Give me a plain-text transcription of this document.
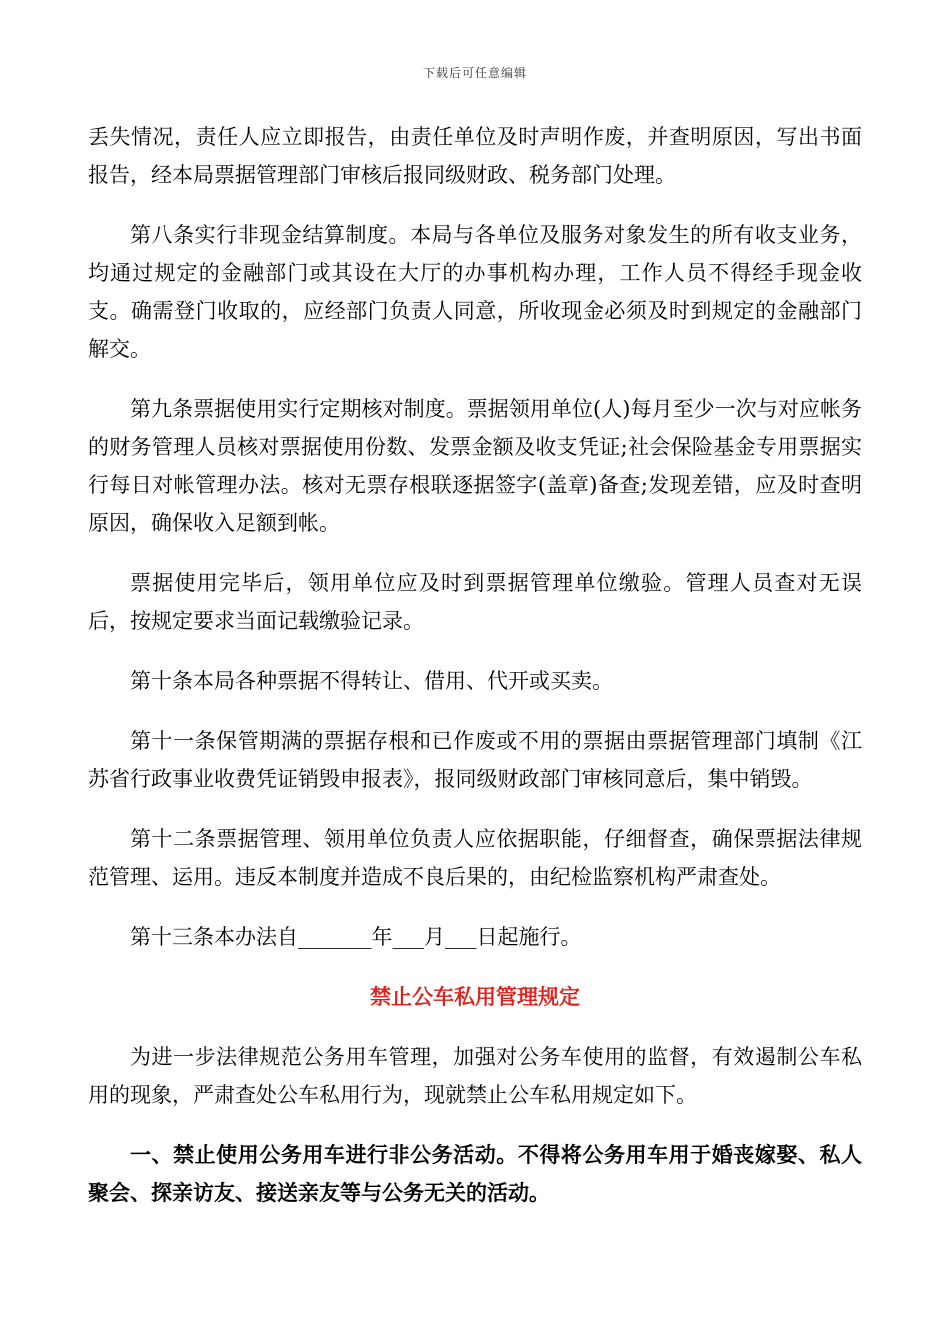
下载后可任意编辑

丢失情况，责任人应立即报告，由责任单位及时声明作废，并查明原因，写出书面报告，经本局票据管理部门审核后报同级财政、税务部门处理。

第八条实行非现金结算制度。本局与各单位及服务对象发生的所有收支业务，均通过规定的金融部门或其设在大厅的办事机构办理，工作人员不得经手现金收支。确需登门收取的，应经部门负责人同意，所收现金必须及时到规定的金融部门解交。

第九条票据使用实行定期核对制度。票据领用单位(人)每月至少一次与对应帐务的财务管理人员核对票据使用份数、发票金额及收支凭证;社会保险基金专用票据实行每日对帐管理办法。核对无票存根联逐据签字(盖章)备查;发现差错，应及时查明原因，确保收入足额到帐。

票据使用完毕后，领用单位应及时到票据管理单位缴验。管理人员查对无误后，按规定要求当面记载缴验记录。

第十条本局各种票据不得转让、借用、代开或买卖。

第十一条保管期满的票据存根和已作废或不用的票据由票据管理部门填制《江苏省行政事业收费凭证销毁申报表》，报同级财政部门审核同意后，集中销毁。

第十二条票据管理、领用单位负责人应依据职能，仔细督查，确保票据法律规范管理、运用。违反本制度并造成不良后果的，由纪检监察机构严肃查处。

第十三条本办法自_______年___月___日起施行。

禁止公车私用管理规定

为进一步法律规范公务用车管理，加强对公务车使用的监督，有效遏制公车私用的现象，严肃查处公车私用行为，现就禁止公车私用规定如下。

一、禁止使用公务用车进行非公务活动。不得将公务用车用于婚丧嫁娶、私人聚会、探亲访友、接送亲友等与公务无关的活动。
